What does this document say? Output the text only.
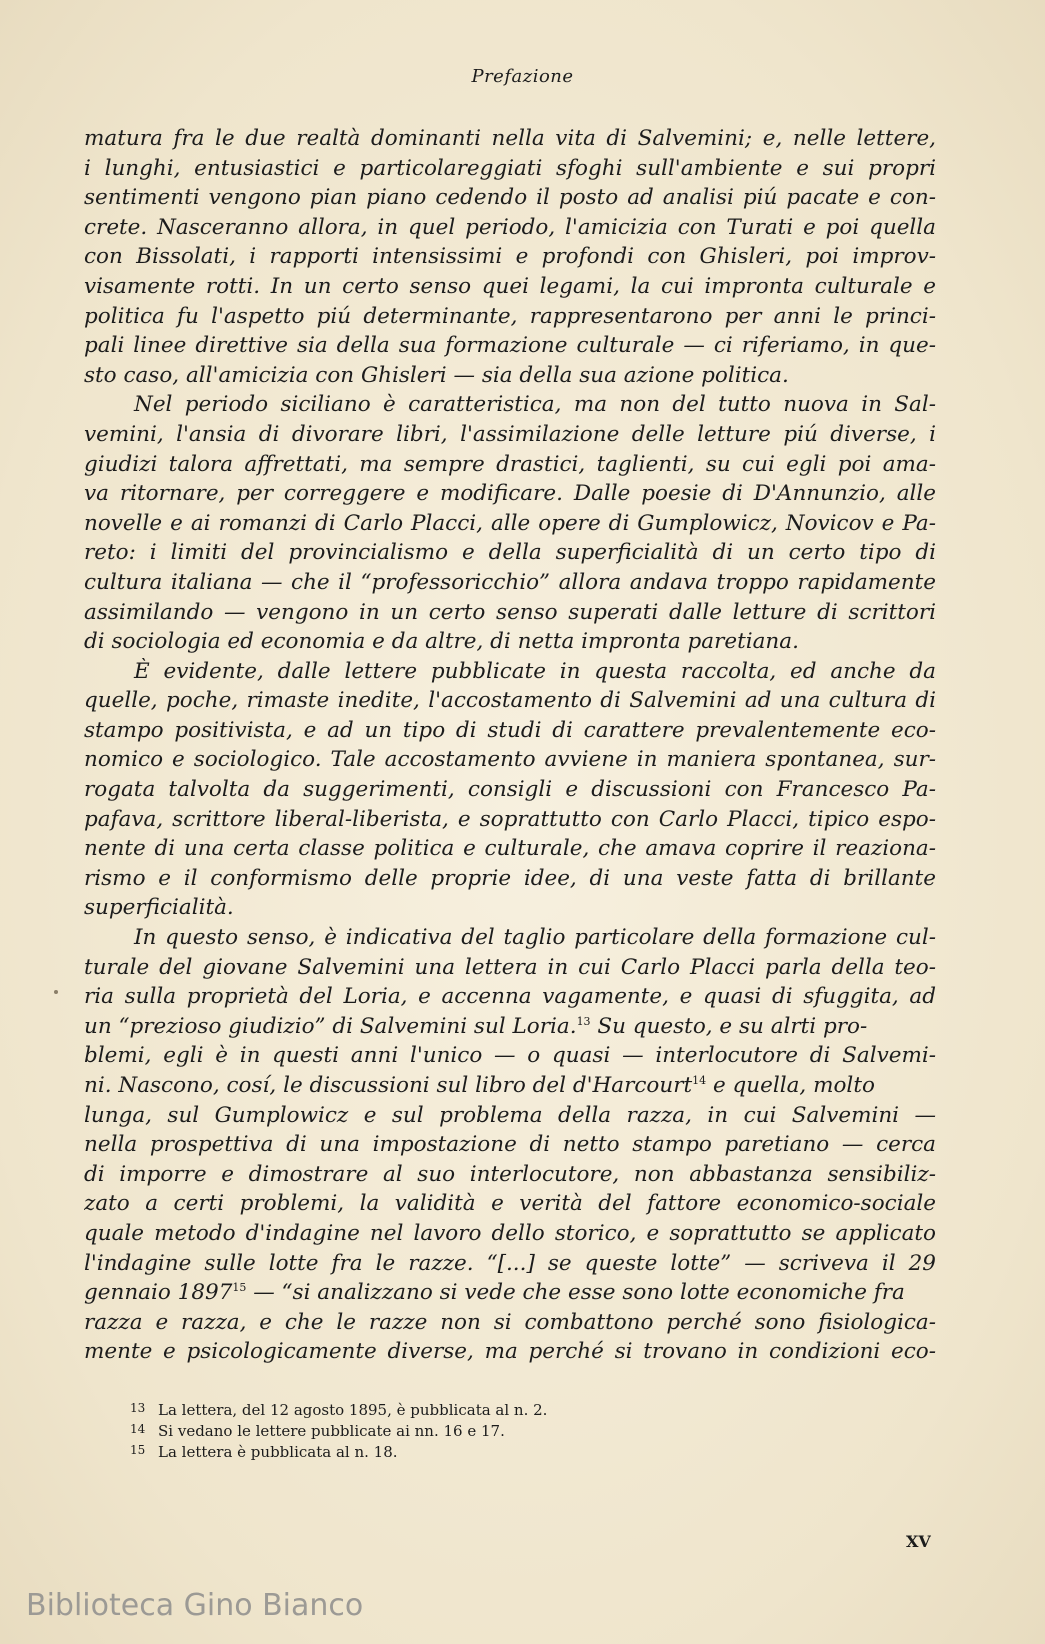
Prefazione
matura fra le due realtà dominanti nella vita di Salvemini; e, nelle lettere,
i lunghi, entusiastici e particolareggiati sfoghi sull'ambiente e sui propri
sentimenti vengono pian piano cedendo il posto ad analisi piú pacate e con-
crete. Nasceranno allora, in quel periodo, l'amicizia con Turati e poi quella
con Bissolati, i rapporti intensissimi e profondi con Ghisleri, poi improv-
visamente rotti. In un certo senso quei legami, la cui impronta culturale e
politica fu l'aspetto piú determinante, rappresentarono per anni le princi-
pali linee direttive sia della sua formazione culturale — ci riferiamo, in que-
sto caso, all'amicizia con Ghisleri — sia della sua azione politica.
Nel periodo siciliano è caratteristica, ma non del tutto nuova in Sal-
vemini, l'ansia di divorare libri, l'assimilazione delle letture piú diverse, i
giudizi talora affrettati, ma sempre drastici, taglienti, su cui egli poi ama-
va ritornare, per correggere e modificare. Dalle poesie di D'Annunzio, alle
novelle e ai romanzi di Carlo Placci, alle opere di Gumplowicz, Novicov e Pa-
reto: i limiti del provincialismo e della superficialità di un certo tipo di
cultura italiana — che il “professoricchio” allora andava troppo rapidamente
assimilando — vengono in un certo senso superati dalle letture di scrittori
di sociologia ed economia e da altre, di netta impronta paretiana.
È evidente, dalle lettere pubblicate in questa raccolta, ed anche da
quelle, poche, rimaste inedite, l'accostamento di Salvemini ad una cultura di
stampo positivista, e ad un tipo di studi di carattere prevalentemente eco-
nomico e sociologico. Tale accostamento avviene in maniera spontanea, sur-
rogata talvolta da suggerimenti, consigli e discussioni con Francesco Pa-
pafava, scrittore liberal-liberista, e soprattutto con Carlo Placci, tipico espo-
nente di una certa classe politica e culturale, che amava coprire il reaziona-
rismo e il conformismo delle proprie idee, di una veste fatta di brillante
superficialità.
In questo senso, è indicativa del taglio particolare della formazione cul-
turale del giovane Salvemini una lettera in cui Carlo Placci parla della teo-
ria sulla proprietà del Loria, e accenna vagamente, e quasi di sfuggita, ad
un “prezioso giudizio” di Salvemini sul Loria.$^{13}$ Su questo, e su alrti pro-
blemi, egli è in questi anni l'unico — o quasi — interlocutore di Salvemi-
ni. Nascono, cosí, le discussioni sul libro del d'Harcourt$^{14}$ e quella, molto
lunga, sul Gumplowicz e sul problema della razza, in cui Salvemini —
nella prospettiva di una impostazione di netto stampo paretiano — cerca
di imporre e dimostrare al suo interlocutore, non abbastanza sensibiliz-
zato a certi problemi, la validità e verità del fattore economico-sociale
quale metodo d'indagine nel lavoro dello storico, e soprattutto se applicato
l'indagine sulle lotte fra le razze. “[...] se queste lotte” — scriveva il 29
gennaio 1897$^{15}$ — “si analizzano si vede che esse sono lotte economiche fra
razza e razza, e che le razze non si combattono perché sono fisiologica-
mente e psicologicamente diverse, ma perché si trovano in condizioni eco-
13 La lettera, del 12 agosto 1895, è pubblicata al n. 2.
14 Si vedano le lettere pubblicate ai nn. 16 e 17.
15 La lettera è pubblicata al n. 18.
XV
Biblioteca Gino Bianco
